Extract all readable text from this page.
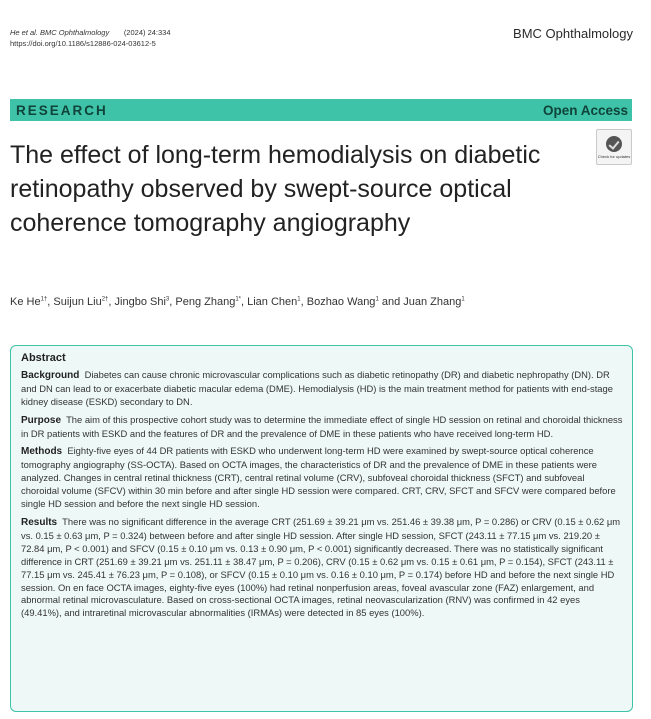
He et al. BMC Ophthalmology (2024) 24:334
https://doi.org/10.1186/s12886-024-03612-5
BMC Ophthalmology
RESEARCH	Open Access
Check for updates
The effect of long-term hemodialysis on diabetic retinopathy observed by swept-source optical coherence tomography angiography
Ke $He^{1\dagger}$, Suijun Liu$^{2\dagger}$, Jingbo Shi$^3$, Peng Zhang$^{1*}$, Lian Chen$^1$, Bozhao Wang$^1$ and Juan Zhang$^1$
Abstract

Background Diabetes can cause chronic microvascular complications such as diabetic retinopathy (DR) and diabetic nephropathy (DN). DR and DN can lead to or exacerbate diabetic macular edema (DME). Hemodialysis (HD) is the main treatment method for patients with end-stage kidney disease (ESKD) secondary to DN.

Purpose The aim of this prospective cohort study was to determine the immediate effect of single HD session on retinal and choroidal thickness in DR patients with ESKD and the features of DR and the prevalence of DME in these patients who have received long-term HD.

Methods Eighty-five eyes of 44 DR patients with ESKD who underwent long-term HD were examined by swept-source optical coherence tomography angiography (SS-OCTA). Based on OCTA images, the characteristics of DR and the prevalence of DME in these patients were analyzed. Changes in central retinal thickness (CRT), central retinal volume (CRV), subfoveal choroidal thickness (SFCT) and subfoveal choroidal volume (SFCV) within 30 min before and after single HD session were compared. CRT, CRV, SFCT and SFCV were compared before single HD session and before the next single HD session.

Results There was no significant difference in the average CRT (251.69 ± 39.21 μm vs. 251.46 ± 39.38 μm, P = 0.286) or CRV (0.15 ± 0.62 μm vs. 0.15 ± 0.63 μm, P = 0.324) between before and after single HD session. After single HD session, SFCT (243.11 ± 77.15 μm vs. 219.20 ± 72.84 μm, P < 0.001) and SFCV (0.15 ± 0.10 μm vs. 0.13 ± 0.90 μm, P < 0.001) significantly decreased. There was no statistically significant difference in CRT (251.69 ± 39.21 μm vs. 251.11 ± 38.47 μm, P = 0.206), CRV (0.15 ± 0.62 μm vs. 0.15 ± 0.61 μm, P = 0.154), SFCT (243.11 ± 77.15 μm vs. 245.41 ± 76.23 μm, P = 0.108), or SFCV (0.15 ± 0.10 μm vs. 0.16 ± 0.10 μm, P = 0.174) before HD and before the next single HD session. On en face OCTA images, eighty-five eyes (100%) had retinal nonperfusion areas, foveal avascular zone (FAZ) enlargement, and abnormal retinal microvasculature. Based on cross-sectional OCTA images, retinal neovascularization (RNV) was confirmed in 42 eyes (49.41%), and intraretinal microvascular abnormalities (IRMAs) were detected in 85 eyes (100%).
